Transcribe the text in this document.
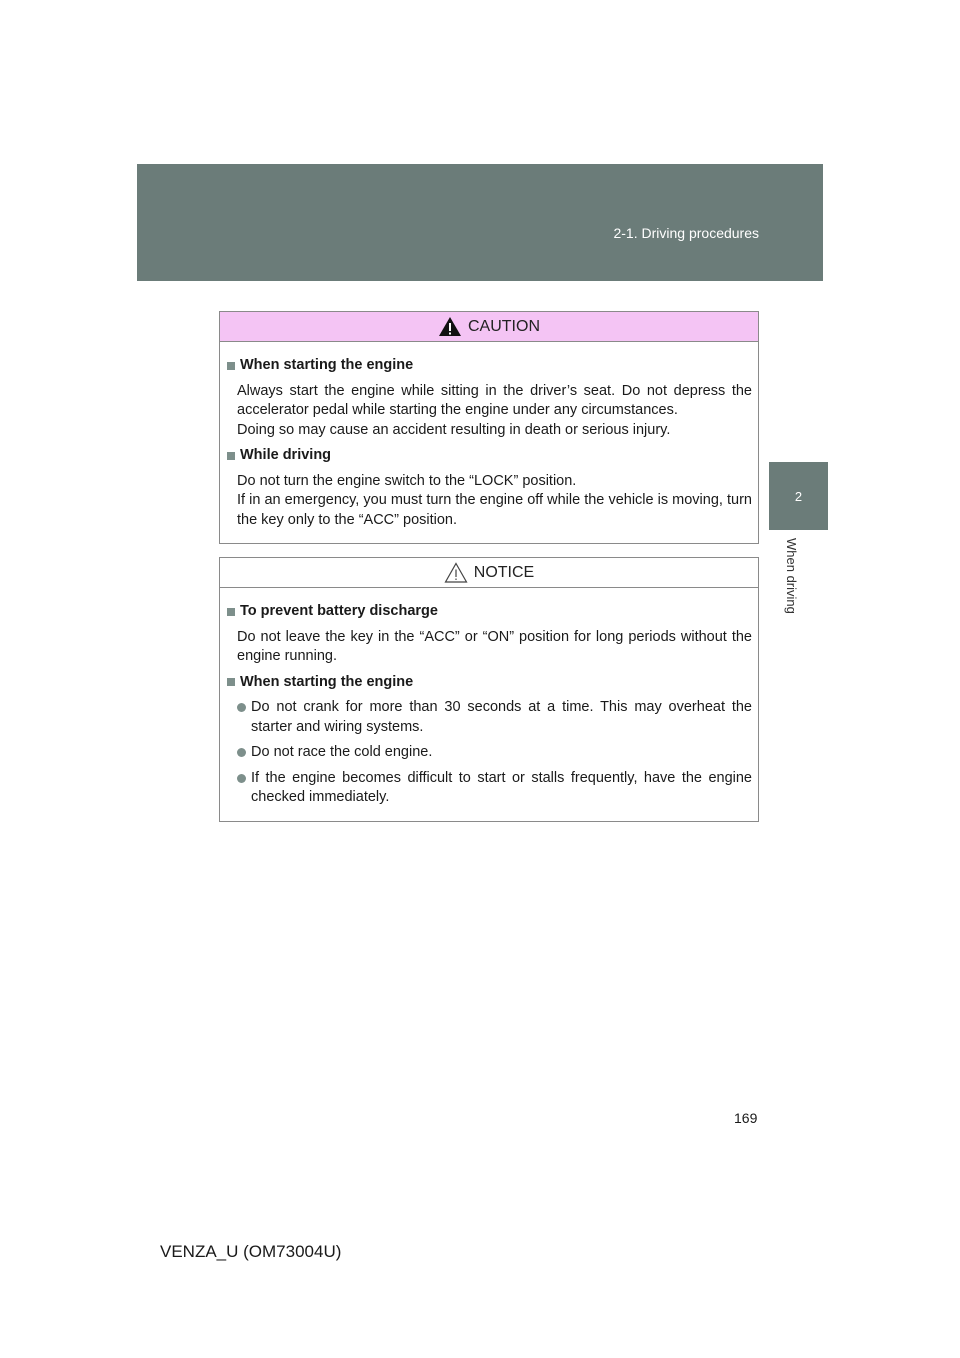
2-1. Driving procedures
2
When driving
CAUTION
When starting the engine
Always start the engine while sitting in the driver’s seat. Do not depress the accelerator pedal while starting the engine under any circumstances.
Doing so may cause an accident resulting in death or serious injury.
While driving
Do not turn the engine switch to the “LOCK” position.
If in an emergency, you must turn the engine off while the vehicle is moving, turn the key only to the “ACC” position.
NOTICE
To prevent battery discharge
Do not leave the key in the “ACC” or “ON” position for long periods without the engine running.
When starting the engine
Do not crank for more than 30 seconds at a time. This may overheat the starter and wiring systems.
Do not race the cold engine.
If the engine becomes difficult to start or stalls frequently, have the engine checked immediately.
169
VENZA_U (OM73004U)
